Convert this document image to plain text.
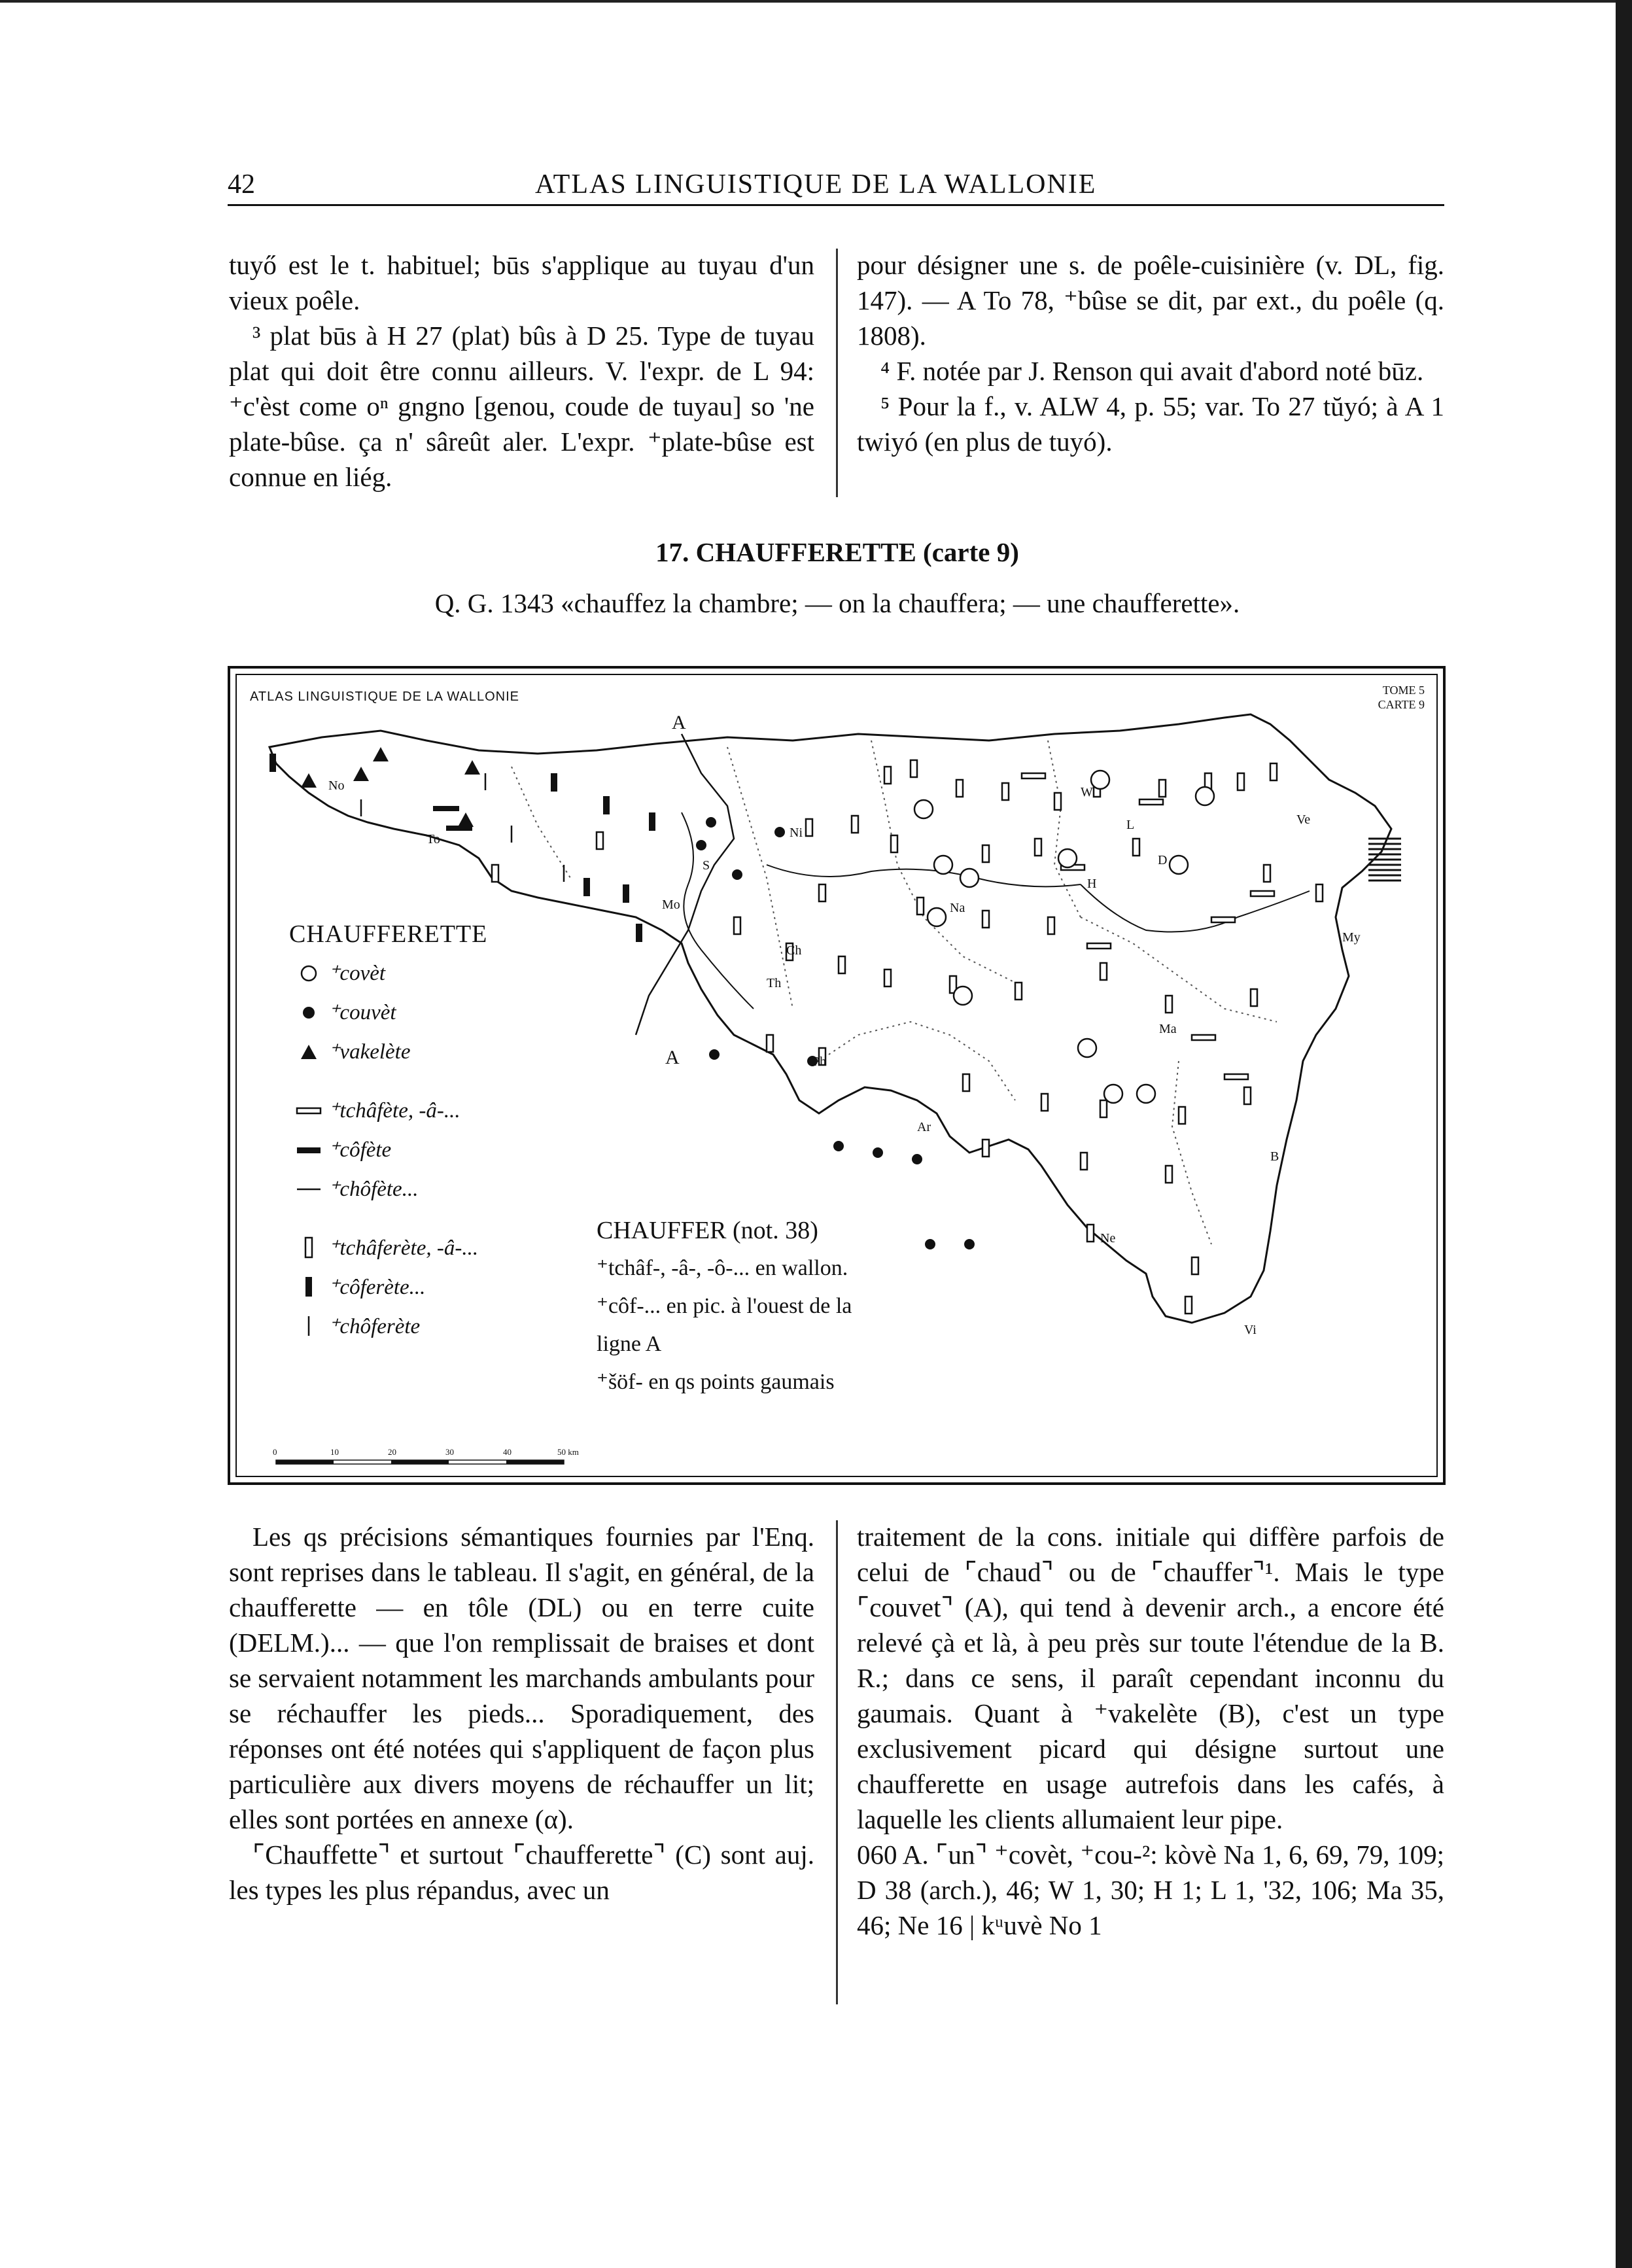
42	ATLAS LINGUISTIQUE DE LA WALLONIE

tuyő est le t. habituel; būs s'applique au tuyau d'un vieux poêle.

³ plat būs à H 27 (plat) bûs à D 25. Type de tuyau plat qui doit être connu ailleurs. V. l'expr. de L 94: ⁺c'èst come oⁿ gngno [genou, coude de tuyau] so 'ne plate-bûse. ça n' sâreût aler. L'expr. ⁺plate-bûse est connue en liég.

pour désigner une s. de poêle-cuisinière (v. DL, fig. 147). — A To 78, ⁺bûse se dit, par ext., du poêle (q. 1808).

⁴ F. notée par J. Renson qui avait d'abord noté būz.

⁵ Pour la f., v. ALW 4, p. 55; var. To 27 tŭyó; à A 1 twiyó (en plus de tuyó).

17. CHAUFFERETTE (carte 9)
Q. G. 1343 «chauffez la chambre; — on la chauffera; — une chaufferette».
ATLAS LINGUISTIQUE DE LA WALLONIE	TOME 5
CARTE 9
No
To
Mo
Th
Ch
Ni
Na
Ph
Ar
W
H
L	Ve
My
Ma
Ne
B
Vi
S	D
A
A
CHAUFFERETTE
⁺covèt
⁺couvèt
⁺vakelète
⁺tchâfète, -â-...
⁺côfète
⁺chôfète...
⁺tchâferète, -â-...
⁺côferète...
⁺chôferète
CHAUFFER (not. 38)
⁺tchâf-, -â-, -ô-... en wallon.
⁺côf-... en pic. à l'ouest de la
ligne A
⁺šöf- en qs points gaumais
0	10	20	30	40	50 km

Les qs précisions sémantiques fournies par l'Enq. sont reprises dans le tableau. Il s'agit, en général, de la chaufferette — en tôle (DL) ou en terre cuite (DELM.)... — que l'on remplissait de braises et dont se servaient notamment les marchands ambulants pour se réchauffer les pieds... Sporadiquement, des réponses ont été notées qui s'appliquent de façon plus particulière aux divers moyens de réchauffer un lit; elles sont portées en annexe (α).

⌜Chauffette⌝ et surtout ⌜chaufferette⌝ (C) sont auj. les types les plus répandus, avec un

traitement de la cons. initiale qui diffère parfois de celui de ⌜chaud⌝ ou de ⌜chauffer⌝¹. Mais le type ⌜couvet⌝ (A), qui tend à devenir arch., a encore été relevé çà et là, à peu près sur toute l'étendue de la B. R.; dans ce sens, il paraît cependant inconnu du gaumais. Quant à ⁺vakelète (B), c'est un type exclusivement picard qui désigne surtout une chaufferette en usage autrefois dans les cafés, à laquelle les clients allumaient leur pipe.

060 A. ⌜un⌝ ⁺covèt, ⁺cou-²: kòvè Na 1, 6, 69, 79, 109; D 38 (arch.), 46; W 1, 30; H 1; L 1, '32, 106; Ma 35, 46; Ne 16 | kᵘuvè No 1
